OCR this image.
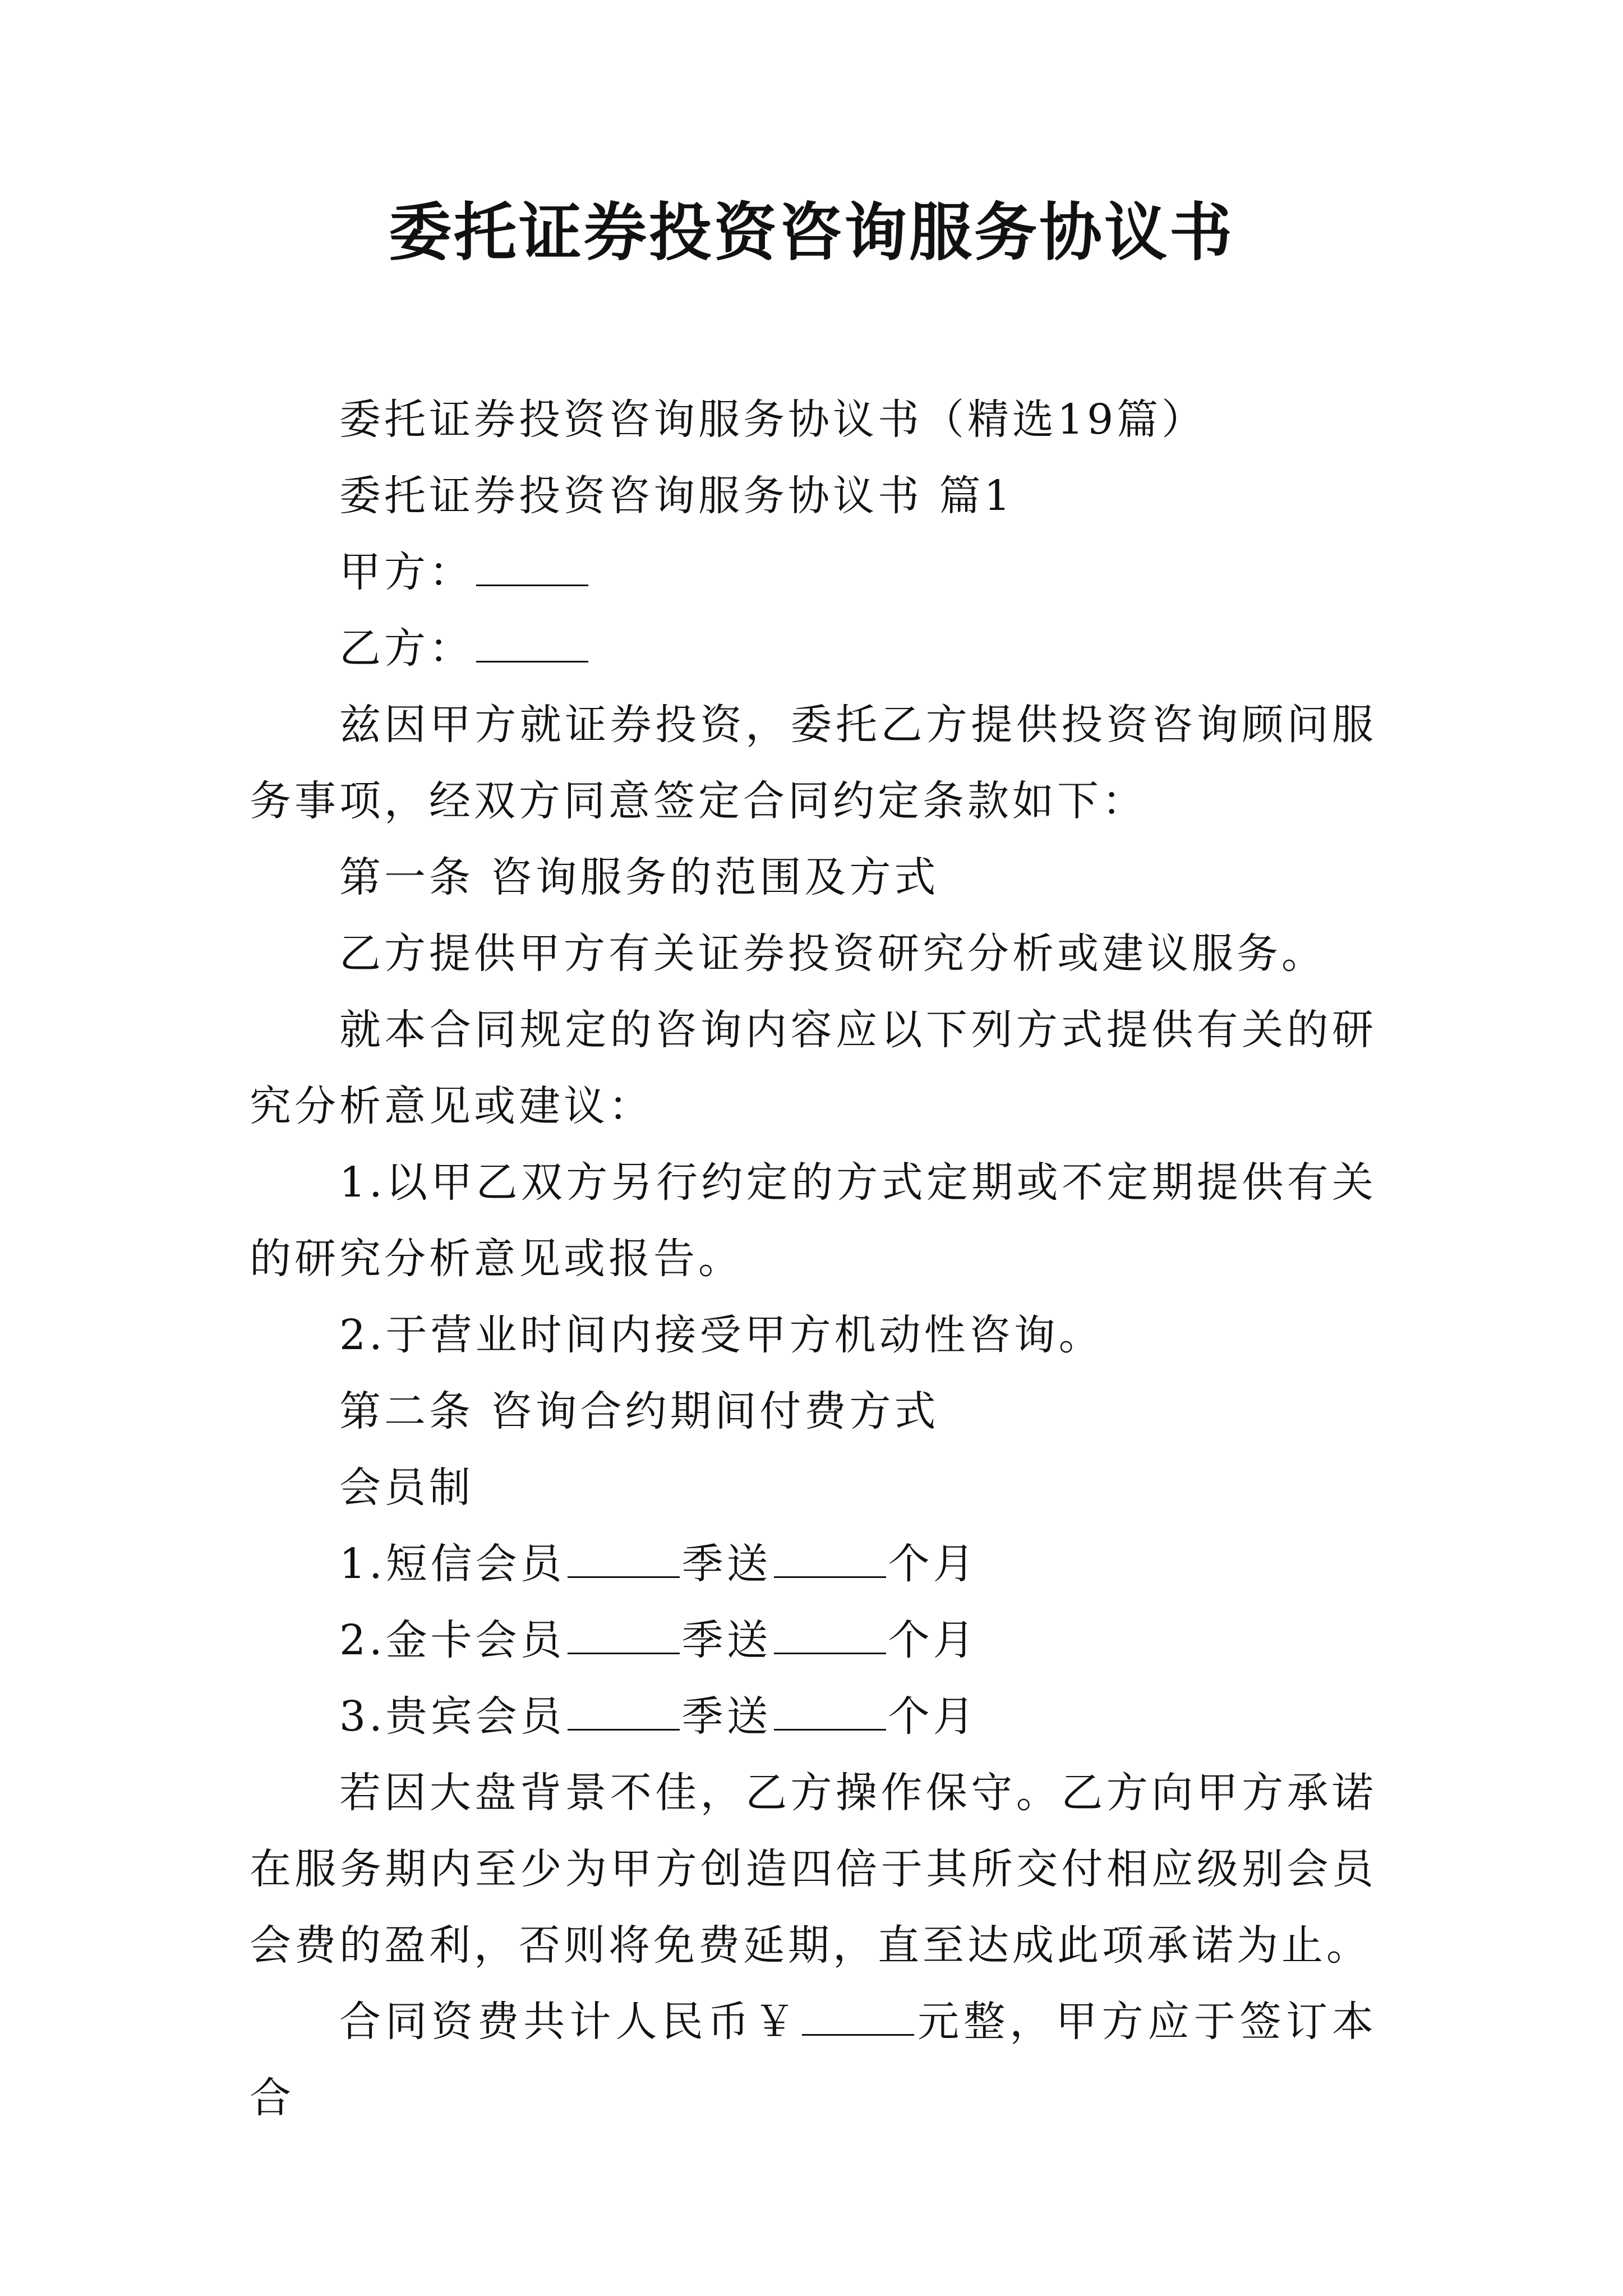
委托证券投资咨询服务协议书

委托证券投资咨询服务协议书（精选19篇）

委托证券投资咨询服务协议书 篇1

甲方：

乙方：

兹因甲方就证券投资，委托乙方提供投资咨询顾问服务事项，经双方同意签定合同约定条款如下：

第一条 咨询服务的范围及方式

乙方提供甲方有关证券投资研究分析或建议服务。

就本合同规定的咨询内容应以下列方式提供有关的研究分析意见或建议：

1.以甲乙双方另行约定的方式定期或不定期提供有关的研究分析意见或报告。

2.于营业时间内接受甲方机动性咨询。

第二条 咨询合约期间付费方式

会员制

1.短信会员	季送	个月

2.金卡会员	季送	个月

3.贵宾会员	季送	个月

若因大盘背景不佳，乙方操作保守。乙方向甲方承诺在服务期内至少为甲方创造四倍于其所交付相应级别会员会费的盈利，否则将免费延期，直至达成此项承诺为止。

合同资费共计人民币￥	元整，甲方应于签订本合
